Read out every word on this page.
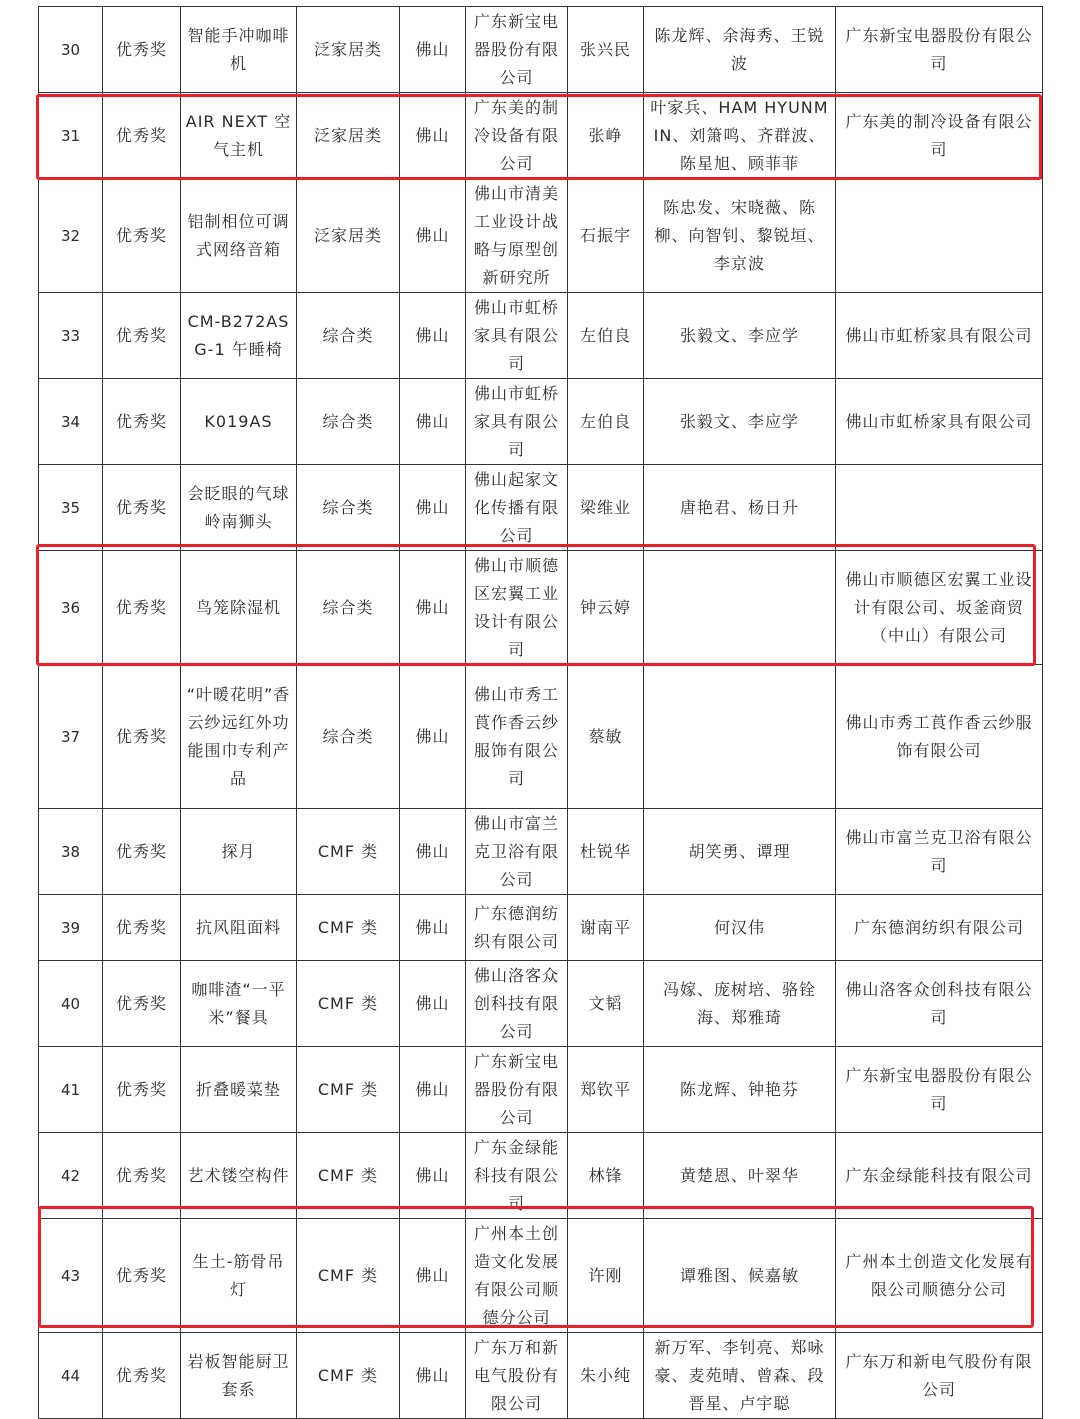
30	优秀奖	智能手冲咖啡机	泛家居类	佛山	广东新宝电器股份有限公司	张兴民	陈龙辉、余海秀、王锐波	广东新宝电器股份有限公司
31	优秀奖	AIR NEXT 空气主机	泛家居类	佛山	广东美的制冷设备有限公司	张峥	叶家兵、HAM HYUNMIN、刘箫鸣、齐群波、陈星旭、顾菲菲	广东美的制冷设备有限公司
32	优秀奖	铝制相位可调式网络音箱	泛家居类	佛山	佛山市清美工业设计战略与原型创新研究所	石振宇	陈忠发、宋晓薇、陈柳、向智钊、黎锐垣、李京波	
33	优秀奖	CM-B272ASG-1 午睡椅	综合类	佛山	佛山市虹桥家具有限公司	左伯良	张毅文、李应学	佛山市虹桥家具有限公司
34	优秀奖	K019AS	综合类	佛山	佛山市虹桥家具有限公司	左伯良	张毅文、李应学	佛山市虹桥家具有限公司
35	优秀奖	会眨眼的气球岭南狮头	综合类	佛山	佛山起家文化传播有限公司	梁维业	唐艳君、杨日升	
36	优秀奖	鸟笼除湿机	综合类	佛山	佛山市顺德区宏翼工业设计有限公司	钟云婷		佛山市顺德区宏翼工业设计有限公司、坂釜商贸（中山）有限公司
37	优秀奖	“叶暖花明”香云纱远红外功能围巾专利产品	综合类	佛山	佛山市秀工莨作香云纱服饰有限公司	蔡敏		佛山市秀工莨作香云纱服饰有限公司
38	优秀奖	探月	CMF 类	佛山	佛山市富兰克卫浴有限公司	杜锐华	胡笑勇、谭理	佛山市富兰克卫浴有限公司
39	优秀奖	抗风阻面料	CMF 类	佛山	广东德润纺织有限公司	谢南平	何汉伟	广东德润纺织有限公司
40	优秀奖	咖啡渣“一平米”餐具	CMF 类	佛山	佛山洛客众创科技有限公司	文韬	冯嫁、庞树培、骆铨海、郑雅琦	佛山洛客众创科技有限公司
41	优秀奖	折叠暖菜垫	CMF 类	佛山	广东新宝电器股份有限公司	郑钦平	陈龙辉、钟艳芬	广东新宝电器股份有限公司
42	优秀奖	艺术镂空构件	CMF 类	佛山	广东金绿能科技有限公司	林锋	黄楚恩、叶翠华	广东金绿能科技有限公司
43	优秀奖	生土-筋骨吊灯	CMF 类	佛山	广州本土创造文化发展有限公司顺德分公司	许刚	谭雅图、候嘉敏	广州本土创造文化发展有限公司顺德分公司
44	优秀奖	岩板智能厨卫套系	CMF 类	佛山	广东万和新电气股份有限公司	朱小纯	新万军、李钊亮、郑咏豪、麦苑晴、曾森、段晋星、卢宇聪	广东万和新电气股份有限公司
